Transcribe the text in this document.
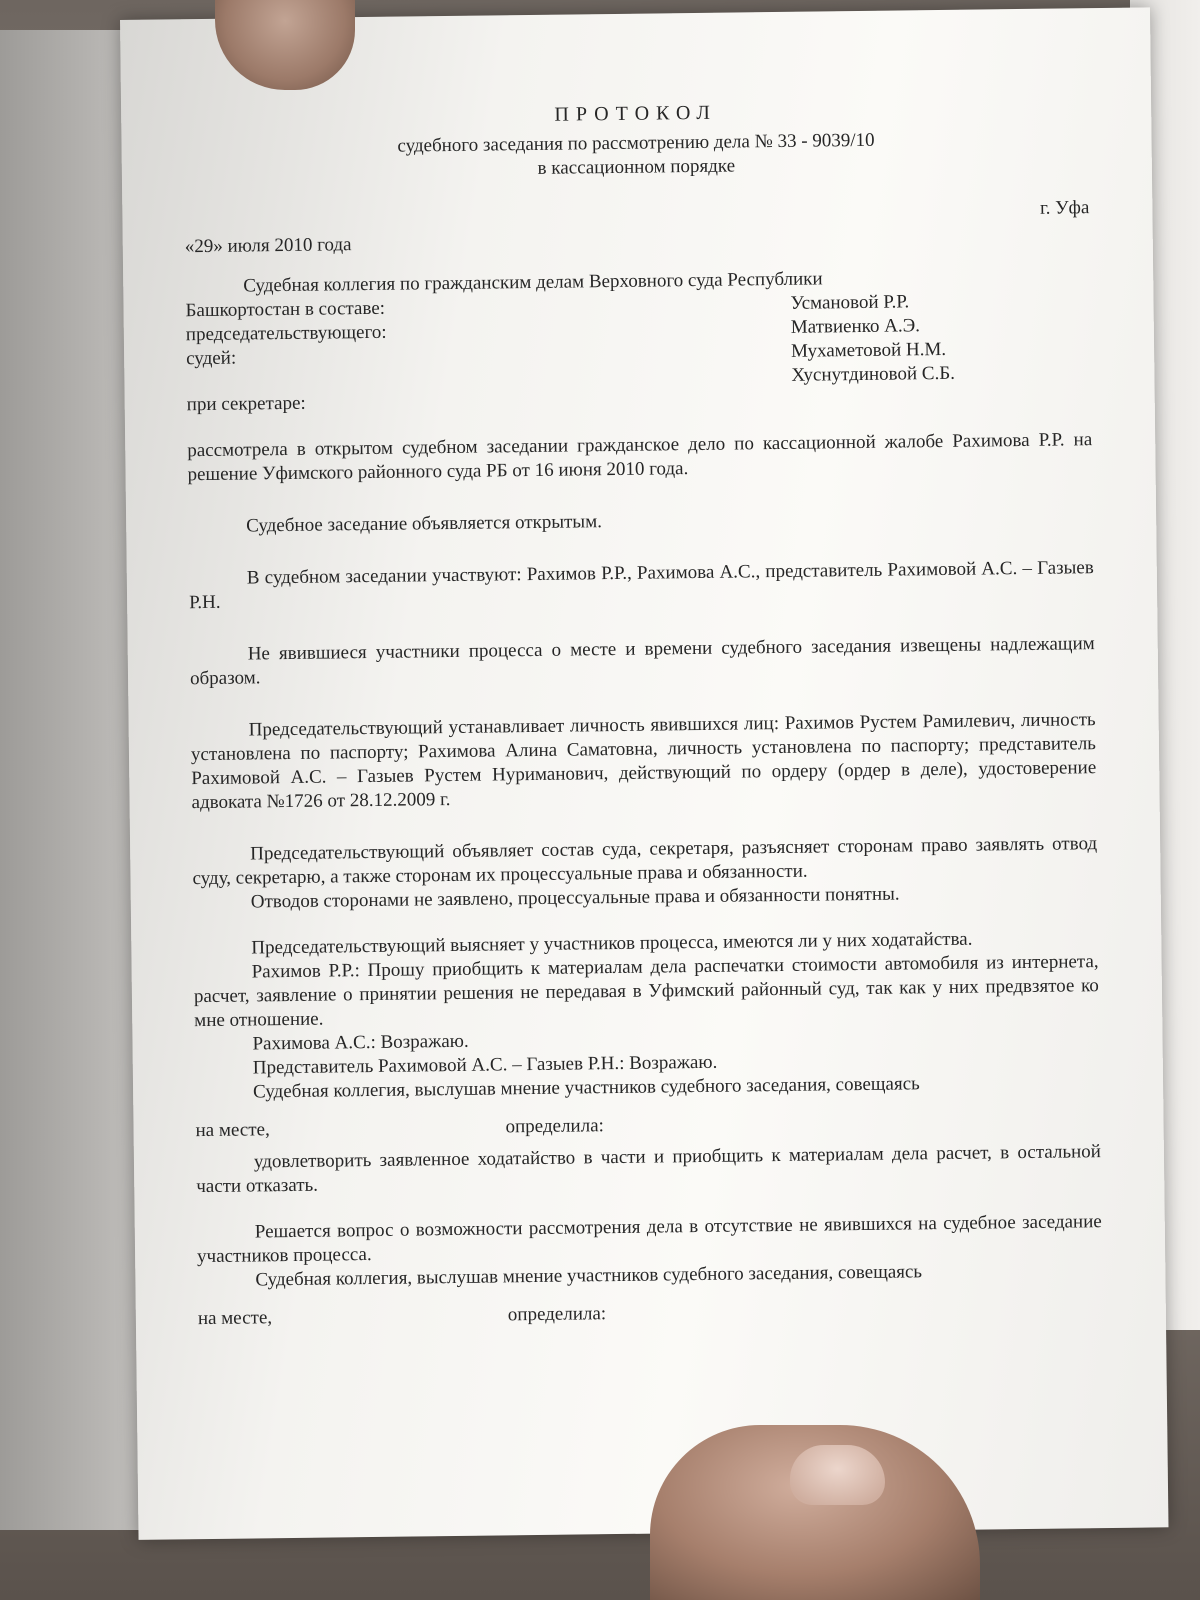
ПРОТОКОЛ
судебного заседания по рассмотрению дела № 33 - 9039/10
в кассационном порядке
г. Уфа
«29» июля 2010 года
Судебная коллегия по гражданским делам Верховного суда Республики
Башкортостан в составе:
председательствующего:
судей:
при секретаре:
Усмановой Р.Р.
Матвиенко А.Э.
Мухаметовой Н.М.
Хуснутдиновой С.Б.
рассмотрела в открытом судебном заседании гражданское дело по кассационной жалобе Рахимова Р.Р. на решение Уфимского районного суда РБ от 16 июня 2010 года.
Судебное заседание объявляется открытым.
В судебном заседании участвуют: Рахимов Р.Р., Рахимова А.С., представитель Рахимовой А.С. – Газыев Р.Н.
Не явившиеся участники процесса о месте и времени судебного заседания извещены надлежащим образом.
Председательствующий устанавливает личность явившихся лиц: Рахимов Рустем Рамилевич, личность установлена по паспорту; Рахимова Алина Саматовна, личность установлена по паспорту; представитель Рахимовой А.С. – Газыев Рустем Нуриманович, действующий по ордеру (ордер в деле), удостоверение адвоката №1726 от 28.12.2009 г.
Председательствующий объявляет состав суда, секретаря, разъясняет сторонам право заявлять отвод суду, секретарю, а также сторонам их процессуальные права и обязанности.
Отводов сторонами не заявлено, процессуальные права и обязанности понятны.
Председательствующий выясняет у участников процесса, имеются ли у них ходатайства.
Рахимов Р.Р.: Прошу приобщить к материалам дела распечатки стоимости автомобиля из интернета, расчет, заявление о принятии решения не передавая в Уфимский районный суд, так как у них предвзятое ко мне отношение.
Рахимова А.С.: Возражаю.
Представитель Рахимовой А.С. – Газыев Р.Н.: Возражаю.
Судебная коллегия, выслушав мнение участников судебного заседания, совещаясь
на месте,	определила:
удовлетворить заявленное ходатайство в части и приобщить к материалам дела расчет, в остальной части отказать.
Решается вопрос о возможности рассмотрения дела в отсутствие не явившихся на судебное заседание участников процесса.
Судебная коллегия, выслушав мнение участников судебного заседания, совещаясь
на месте,	определила:
